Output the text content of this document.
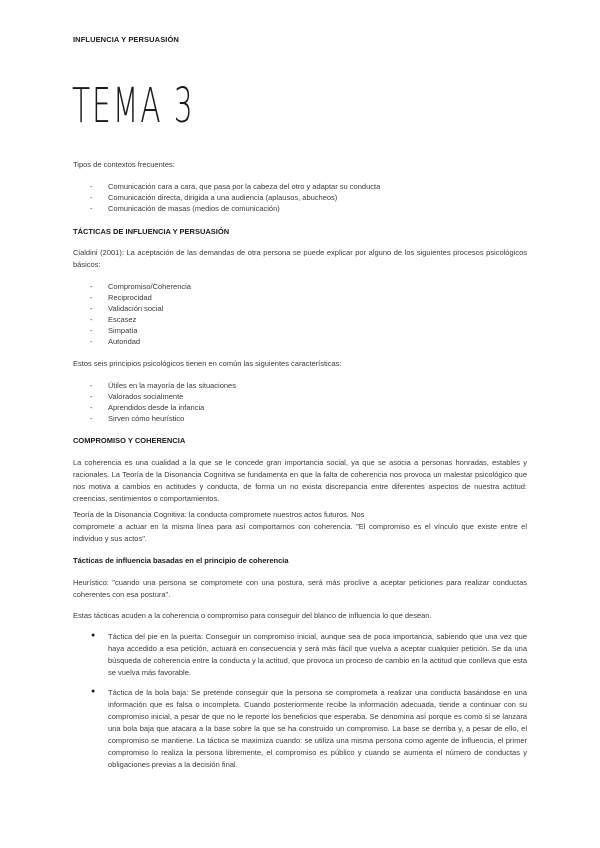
INFLUENCIA Y PERSUASIÓN
TEMA 3
Tipos de contextos frecuentes:
- Comunicación cara a cara, que pasa por la cabeza del otro y adaptar su conducta
- Comunicación directa, dirigida a una audiencia (aplausos, abucheos)
- Comunicación de masas (medios de comunicación)
TÁCTICAS DE INFLUENCIA Y PERSUASIÓN
Cialdini (2001): La aceptación de las demandas de otra persona se puede explicar por alguno de los siguientes procesos psicológicos básicos:
- Compromiso/Coherencia
- Reciprocidad
- Validación social
- Escasez
- Simpatía
- Autoridad
Estos seis principios psicológicos tienen en común las siguientes características:
- Útiles en la mayoría de las situaciones
- Valorados socialmente
- Aprendidos desde la infancia
- Sirven cómo heurístico
COMPROMISO Y COHERENCIA
La coherencia es una cualidad a la que se le concede gran importancia social, ya que se asocia a personas honradas, estables y racionales. La Teoría de la Disonancia Cognitiva se fundamenta en que la falta de coherencia nos provoca un malestar psicológico que nos motiva a cambios en actitudes y conducta, de forma un no exista discrepancia entre diferentes aspectos de nuestra actitud: creencias, sentimientos o comportamientos.
Teoría de la Disonancia Cognitiva: la conducta compromete nuestros actos futuros. Nos
compromete a actuar en la misma línea para así comportarnos con coherencia. "El compromiso es el vínculo que existe entre el individuo y sus actos".
Tácticas de influencia basadas en el principio de coherencia
Heurístico: "cuando una persona se compromete con una postura, será más proclive a aceptar peticiones para realizar conductas coherentes con esa postura".
Estas tácticas acuden a la coherencia o compromiso para conseguir del blanco de influencia lo que desean.
● Táctica del pie en la puerta: Conseguir un compromiso inicial, aunque sea de poca importancia, sabiendo que una vez que haya accedido a esa petición, actuará en consecuencia y será más fácil que vuelva a aceptar cualquier petición. Se da una búsqueda de coherencia entre la conducta y la actitud, que provoca un proceso de cambio en la actitud que conlleva que esta se vuelva más favorable.
● Táctica de la bola baja: Se pretende conseguir que la persona se comprometa a realizar una conducta basándose en una información que es falsa o incompleta. Cuando posteriormente recibe la información adecuada, tiende a continuar con su compromiso inicial, a pesar de que no le reporte los beneficios que esperaba. Se denomina así porque es como si se lanzara una bola baja que atacara a la base sobre la que se ha construido un compromiso. La base se derriba y, a pesar de ello, el compromiso se mantiene. La táctica se maximiza cuando: se utiliza una misma persona como agente de influencia, el primer compromiso lo realiza la persona libremente, el compromiso es público y cuando se aumenta el número de conductas y obligaciones previas a la decisión final.
